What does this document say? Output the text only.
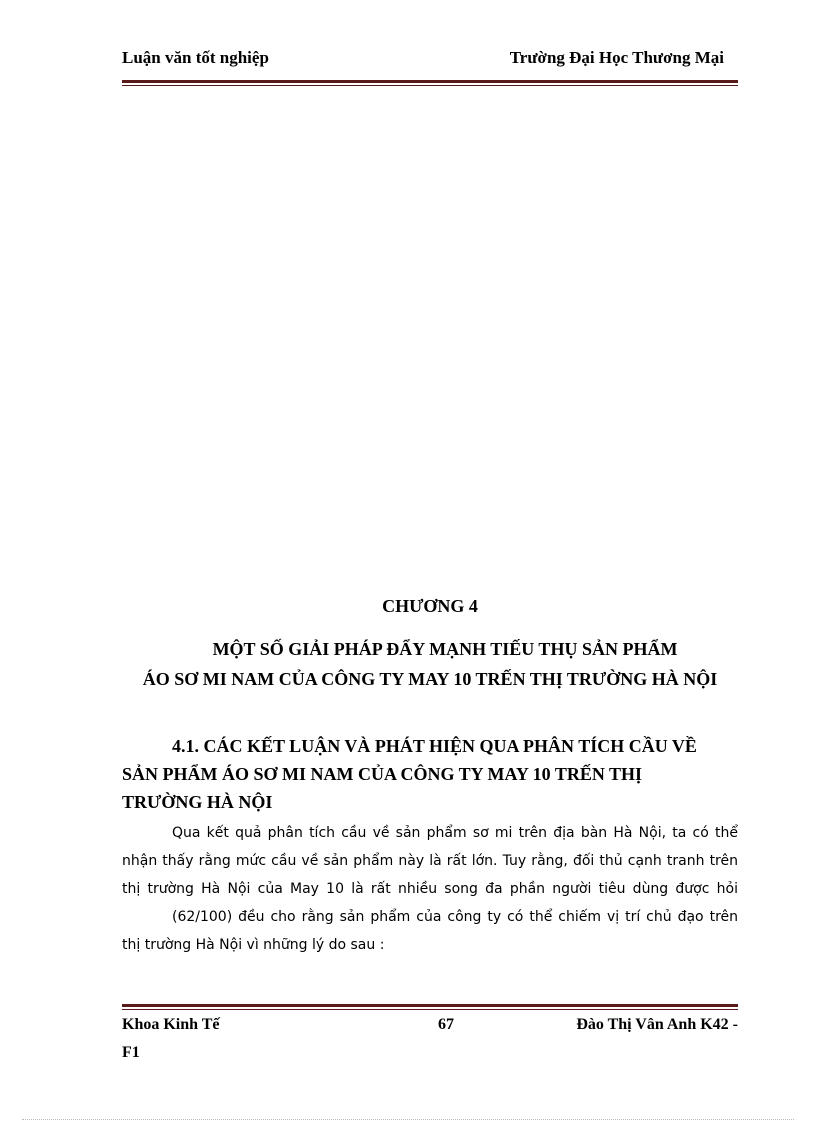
Luận văn tốt nghiệp	Trường Đại Học Thương Mại
CHƯƠNG 4
MỘT SỐ GIẢI PHÁP ĐẨY MẠNH TIẾU THỤ SẢN PHẨM
ÁO SƠ MI NAM CỦA CÔNG TY MAY 10 TRẾN THỊ TRƯỜNG HÀ NỘI
4.1. CÁC KẾT LUẬN VÀ PHÁT HIỆN QUA PHÂN TÍCH CẦU VỀ
SẢN PHẨM ÁO SƠ MI NAM CỦA CÔNG TY MAY 10 TRẾN THỊ
TRƯỜNG HÀ NỘI
Qua kết quả phân tích cầu về sản phẩm sơ mi trên địa bàn Hà Nội, ta có thể
nhận thấy rằng mức cầu về sản phẩm này là rất lớn. Tuy rằng, đối thủ cạnh tranh trên
thị trường Hà Nội của May 10 là rất nhiều song đa phần người tiêu dùng được hỏi
(62/100) đều cho rằng sản phẩm của công ty có thể chiếm vị trí chủ đạo trên
thị trường Hà Nội vì những lý do sau :
Khoa Kinh Tế	67	Đào Thị Vân Anh K42 -
F1
